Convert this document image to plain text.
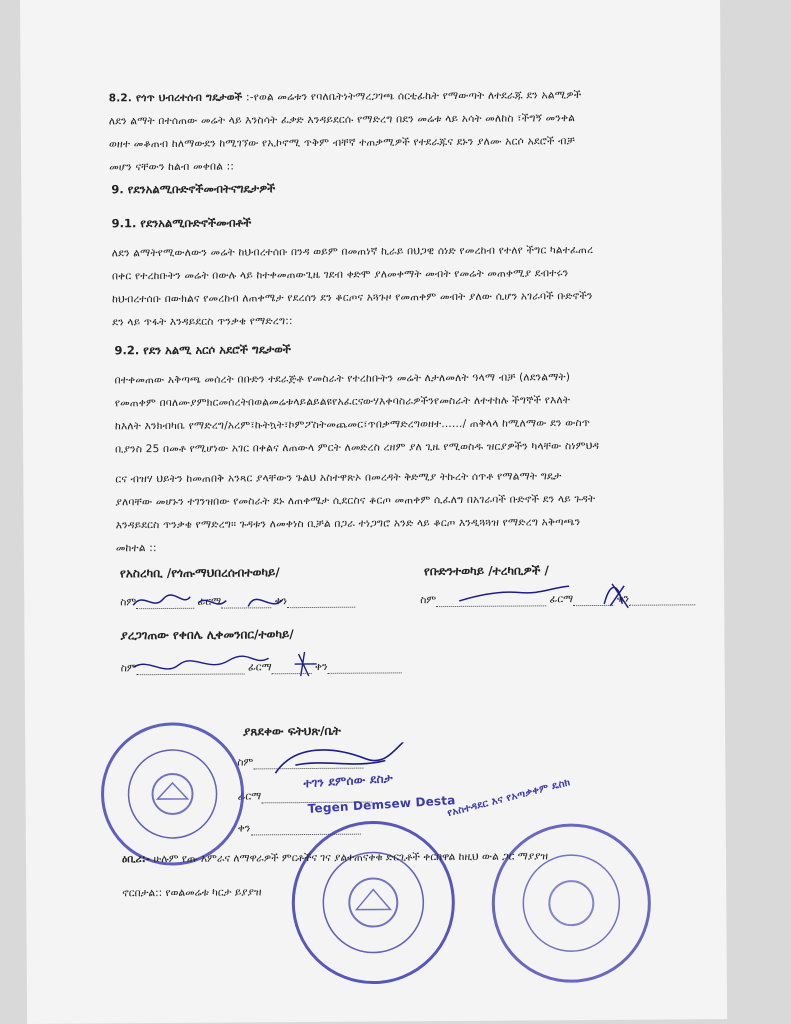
8.2. የጎጥ ህብረተሰብ ግዴታወች :-የወል መሬቱን የባለቤትነትማረጋገጫ ሰርቲፊኬት የማውጣት ለተደራጁ ደን አልሚዎች
ለደን ልማት በተሰጠው መሬት ላይ እንስሳት ፈቃድ እንዳይደርሱ የማድረግ በደን መሬቱ ላይ አሳት መለከስ ፣ችግኝ መንቀል
ወዘተ መቆጠብ ከለማውደን ከሚገኘው የኢኮኖሚ ጥቅም ብቸኛ ተጠቃሚዎች የተደራጁና ደኑን ያለሙ አርሶ አደሮች ብቻ
መሆን ናቸውን ከልብ መቀበል ::
9. የደንአልሚቡድኖችመብትናግዴታዎች
9.1. የደንአልሚቡድኖችመብቶች
ለደን ልማትየሚውለውን መሬት ከህብረተሰቡ በንዳ ወይም በመጠነኛ ኪራይ በህጋዊ ሰነድ የመረከብ የተለየ ችግር ካልተፈጠረ
በቀር የተረከቡትን መሬት በውሉ ላይ ከተቀመጠውጊዜ ገደብ ቀድሞ ያለመቀማት መብት የመሬት መጠቀሚያ ደብተሩን
ከህብረተሰቡ በውክልና የመረከብ ለጠቀሜታ የደረሰን ደን ቆርጦና አጓጉዞ የመጠቀም መብት ያለው ሲሆን አገራባች ቡድኖችን
ደን ላይ ጥፋት እንዳይደርስ ጥንቃቄ የማድረግ::
9.2. የደን አልሚ አርሶ አደሮች ግዴታወች
በተቀመጠው አቅጣጫ መሰረት በቡድን ተደራጅቶ የመስራት የተረከቡትን መሬት ለታለመለት ዓላማ ብቻ (ለደንልማት)
የመጠቀም በባለሙያምክርመሰረትበወልመሬቱላይልይልዩየአፈርናውሃእቀባስራዎችንየመስራት ለተተከሉ ችግኞች የእለት
ከእለት እንክብካቤ የማድረግ/አረም፣ኩትኳት፣ኮምፖስትመጨመር፣ጥበቃማድረግወዘተ....../ ጠቅላላ ከሚለማው ደን ውስጥ
ቢያንስ 25 በመቶ የሚሆነው አገር በቀልና ለጠውላ ምርት ለመድረስ ረዘም ያለ ጊዜ የሚወስዱ ዝርያዎችን ካላቸው ስነምህዳ
ርና ብዝሃ ህይትን ከመጠበቅ አንጻር ያላቸውን ጉልህ አስተዋጽኦ በመረዳት ቅድሚያ ትኩረት ሰጥቶ የማልማት ግዴታ
ያለባቸው መሆኑን ተገንዝበው የመስራት ደኑ ለጠቀሜታ ሲደርስና ቆርጦ መጠቀም ሲፈለግ በአገራባች ቡድኖች ደን ላይ ጉዳት
እንዳይደርስ ጥንቃቄ የማድረግ። ጉዳቱን ለመቀነስ ቢቻል በጋራ ተነጋግሮ አንድ ላይ ቆርጦ እንዲጓጓዝ የማድረግ አቅጣጫን
መከተል ::
የአስረካቢ /የጎጡማህበረሰብተወካይ/	የቡድንተወካይ /ተረካቢዎች /
ስም	ፊርማ	ቀን	ስም	ፊርማ	ቀን
ያረጋገጠው የቀበሌ ሊቀመንበር/ተወካይ/
ስም	ፊርማ	ቀን
ያጸደቀው ፍትህጽ/ቤት
ስም
ፊርማ
ቀን
ተገን ደምሰው ደስታ
Tegen Demsew Desta
የአስተዳደር እና የአጣቃቀም ዴስክ
ዕቢሪ:- ሁሉም የጡ አምራና ለማዋራዎች ምርቶችና ገና ያልተጠናቀቁ ድርጊቶች ቀርበዋል ከዚህ ውል ጋር ማያያዝ
ኖርበታል:: የወልመሬቱ ካርታ ይያያዝ
